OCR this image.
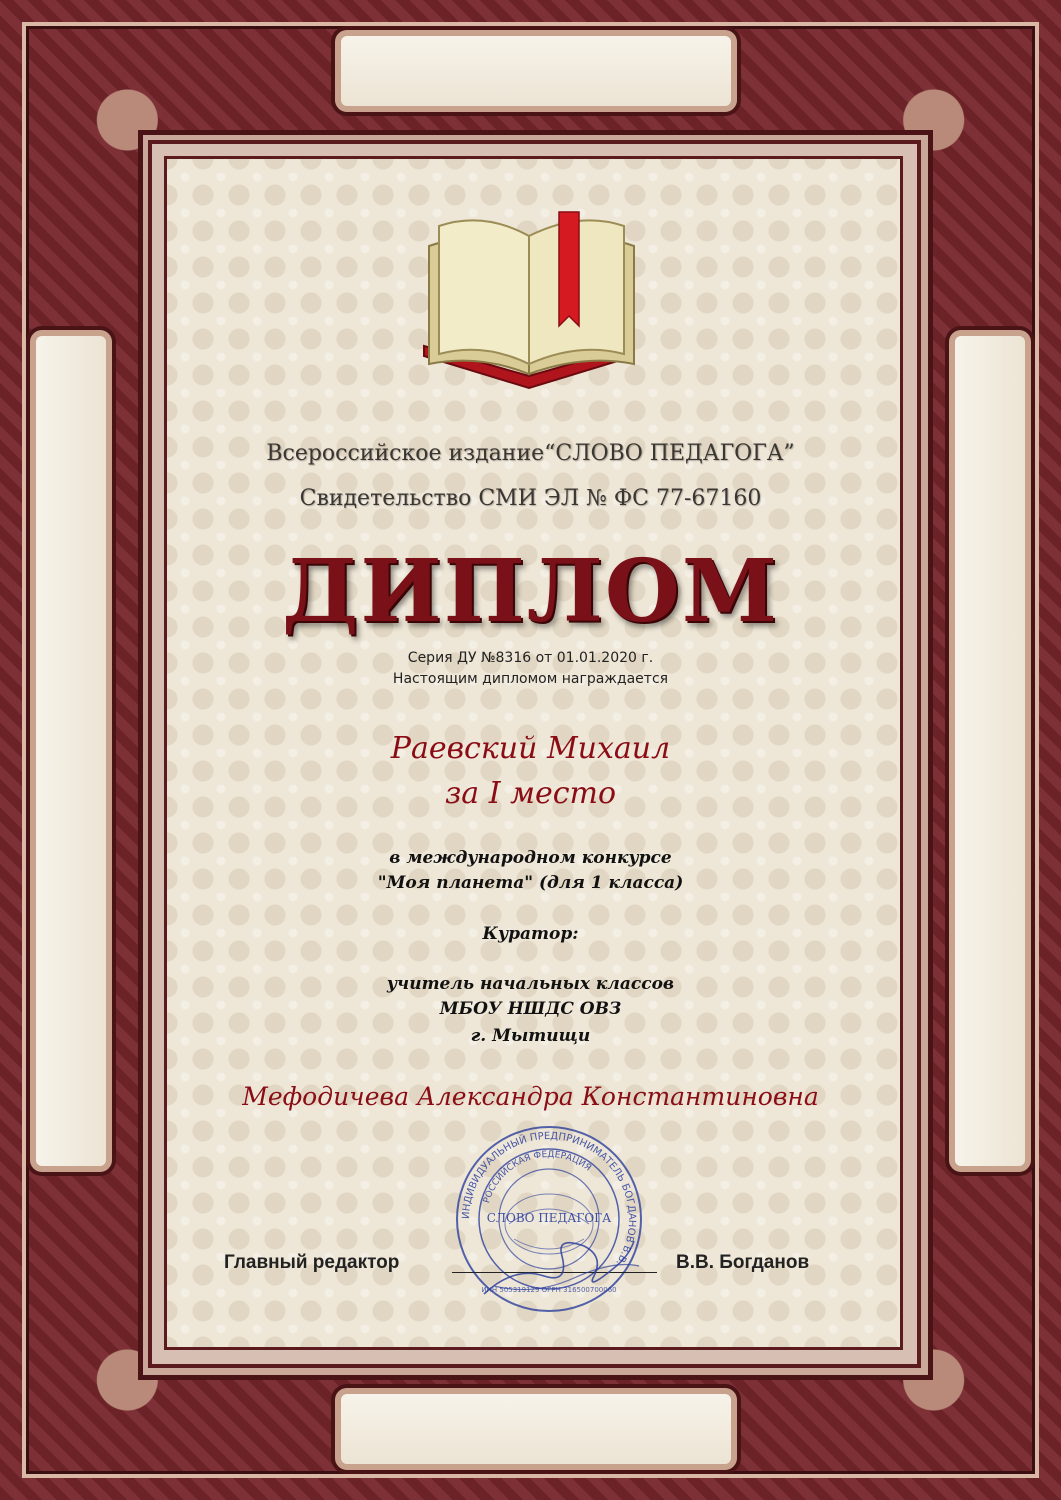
Всероссийское издание“СЛОВО ПЕДАГОГА”
Свидетельство СМИ ЭЛ № ФС 77-67160
ДИПЛОМ
Серия ДУ №8316 от 01.01.2020 г.
Настоящим дипломом награждается
Раевский Михаил
за I место
в международном конкурсе
"Моя планета" (для 1 класса)
Куратор:
учитель начальных классов
МБОУ НШДС ОВЗ
г. Мытищи
Мефодичева Александра Константиновна
ИНДИВИДУАЛЬНЫЙ ПРЕДПРИНИМАТЕЛЬ БОГДАНОВ В.В.
РОССИЙСКАЯ ФЕДЕРАЦИЯ
СЛОВО ПЕДАГОГА
ИНН 505319129 ОГРН 316500700060
Главный редактор	В.В. Богданов
